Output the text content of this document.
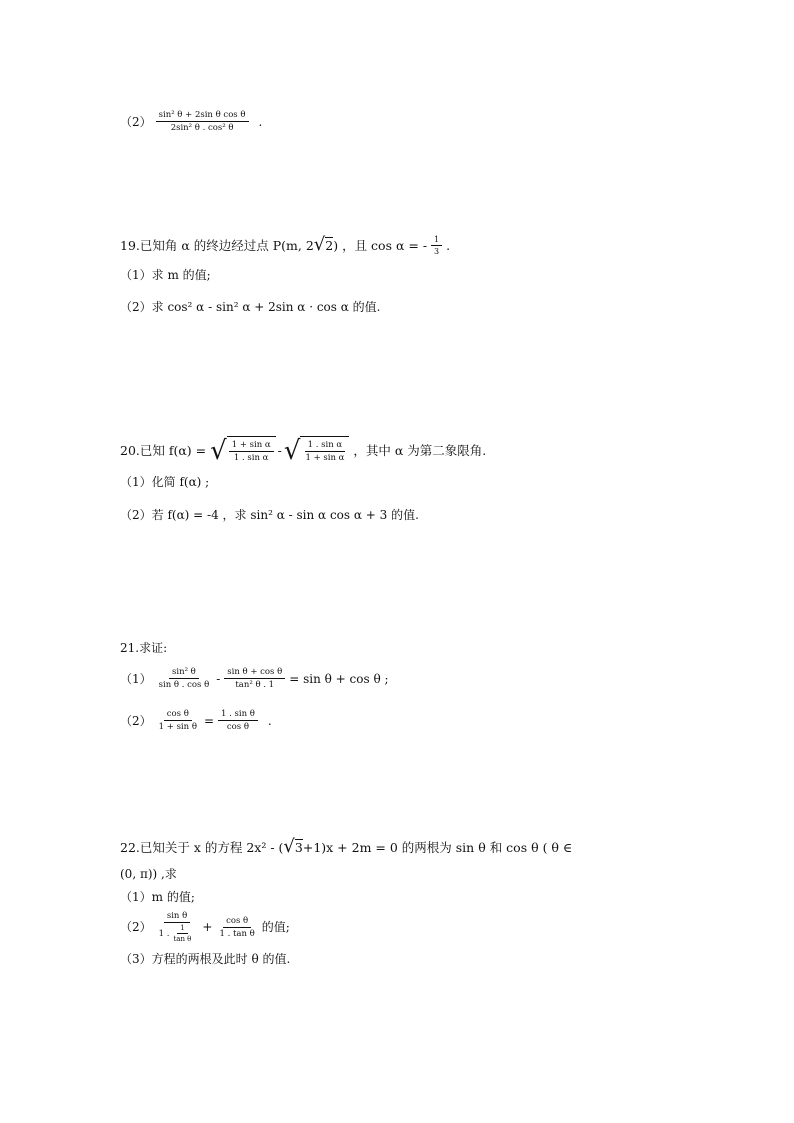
$(2) \frac{\text{sin² θ + 2sin θ cos θ}}{\text{2sin² θ . cos² θ}}$ .
19.已知角 α 的终边经过点 P(m, 2 √ 2 ) ，且 cos α = - $\frac{1}{3}$ .
（1）求 m 的值;
（2）求 cos² α - sin² α + 2sin α · cos α 的值.
20.已知 f(α) = √ $\frac{\text{1 + sin α}}{\text{1 . sin α}}$ - √ $\frac{\text{1 . sin α}}{\text{1 + sin α}}$ ，其中 α 为第二象限角.
（1）化简 f(α) ;
（2）若 f(α) = -4 ，求 sin² α - sin α cos α + 3 的值.
21.求证:
$(1) \frac{\text{sin² θ}}{\text{sin θ . cos θ}} - \frac{\text{sin θ + cos θ}}{\text{tan² θ . 1}} = \sin \theta + \cos \theta$ ;
$(2) \frac{\text{cos θ}}{\text{1 + sin θ}} = \frac{\text{1 . sin θ}}{\text{cos θ}}$ .
22.已知关于 x 的方程 2x² - ( √ 3 +1)x + 2m = 0 的两根为 sin θ 和 cos θ ( θ ∈
(0, π)) ,求
（1）m 的值;
$(2) \frac{\text{sin θ}}{1 . \frac{1}{\text{tan θ}}} + \frac{\text{cos θ}}{\text{1 . tan θ}}$ 的值;
（3）方程的两根及此时 θ 的值.
